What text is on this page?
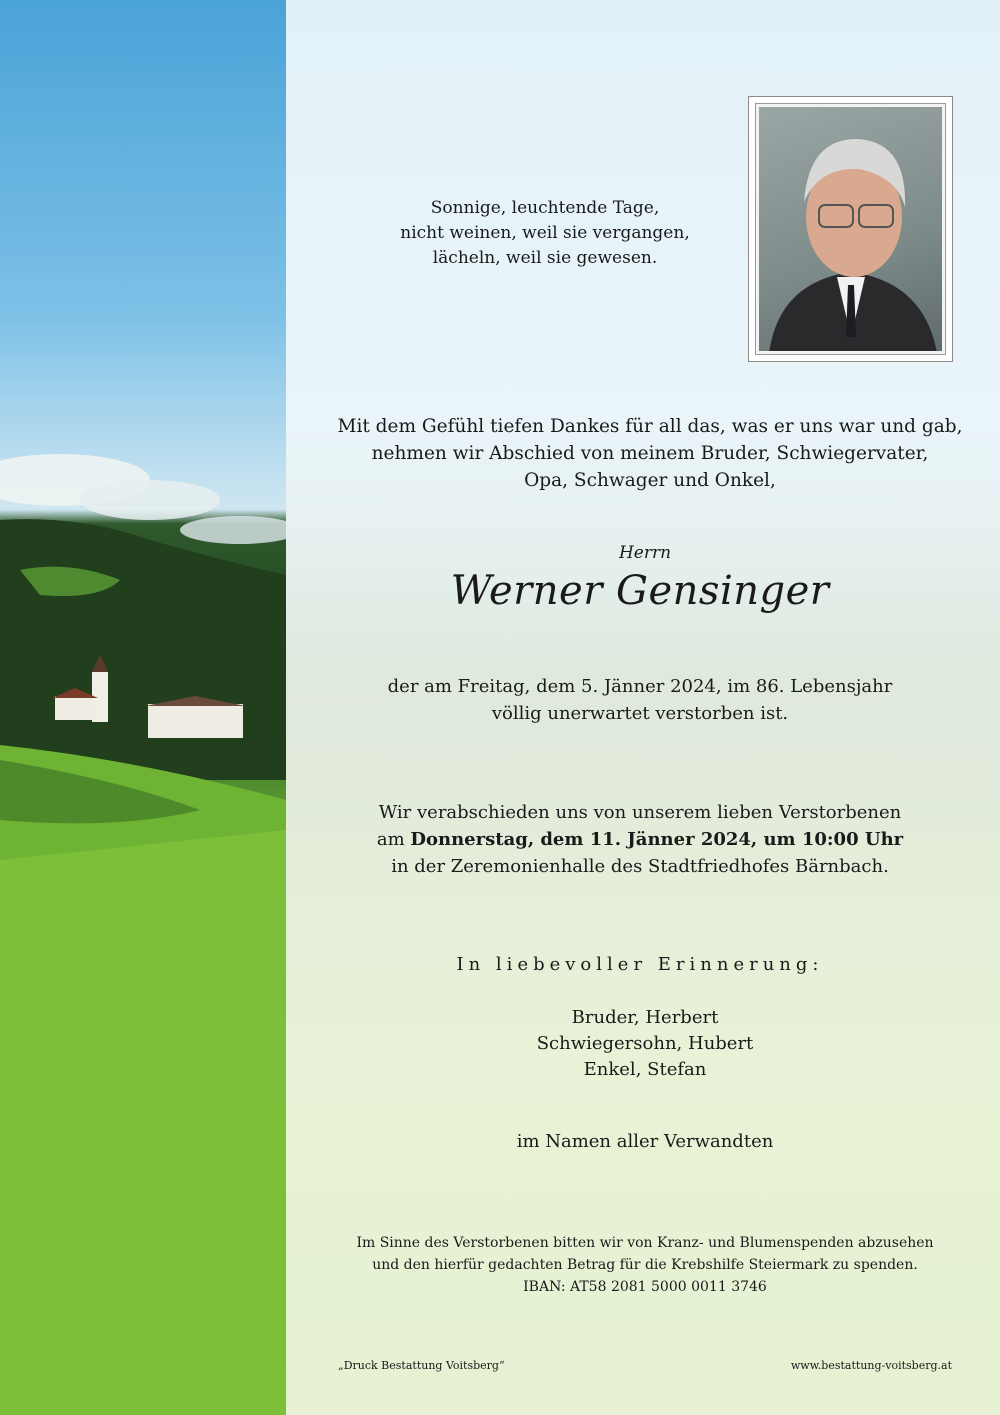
Sonnige, leuchtende Tage,
nicht weinen, weil sie vergangen,
lächeln, weil sie gewesen.
Mit dem Gefühl tiefen Dankes für all das, was er uns war und gab,
nehmen wir Abschied von meinem Bruder, Schwiegervater,
Opa, Schwager und Onkel,
Herrn
Werner Gensinger
der am Freitag, dem 5. Jänner 2024, im 86. Lebensjahr
völlig unerwartet verstorben ist.
Wir verabschieden uns von unserem lieben Verstorbenen
am Donnerstag, dem 11. Jänner 2024, um 10:00 Uhr
in der Zeremonienhalle des Stadtfriedhofes Bärnbach.
In liebevoller Erinnerung:
Bruder, Herbert
Schwiegersohn, Hubert
Enkel, Stefan
im Namen aller Verwandten
Im Sinne des Verstorbenen bitten wir von Kranz- und Blumenspenden abzusehen
und den hierfür gedachten Betrag für die Krebshilfe Steiermark zu spenden.
IBAN: AT58 2081 5000 0011 3746
„Druck Bestattung Voitsberg“	www.bestattung-voitsberg.at
